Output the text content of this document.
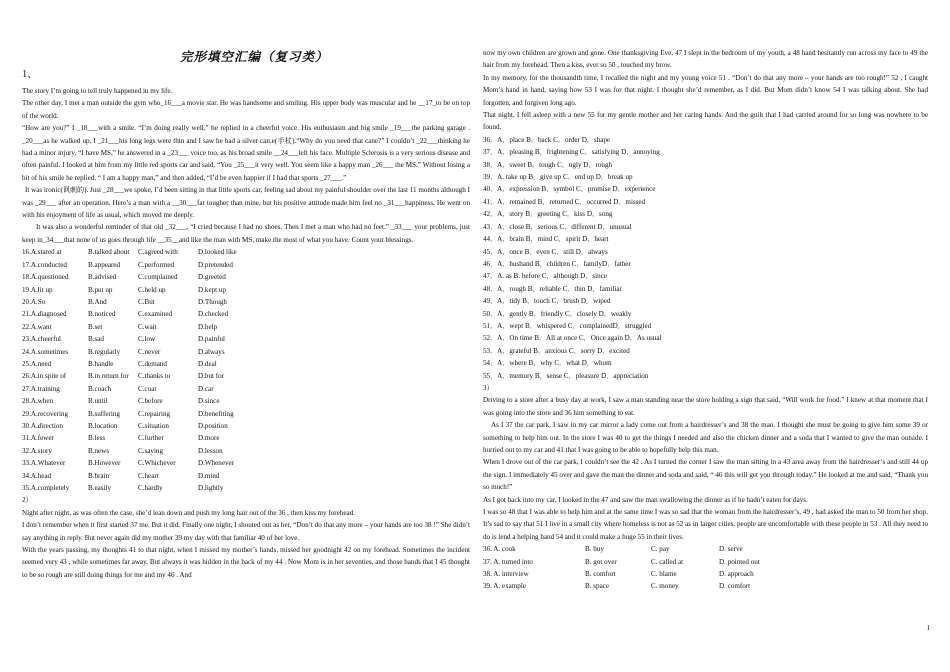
完形填空汇编（复习类）
1、

The story I’m going to tell truly happened in my life.

The other day, I met a man outside the gym who_16___a movie star. He was handsome and smiling. His upper body was muscular and he __17_to be on top of the world.

“How are you?” I _18___with a smile. “I’m doing really well,” he replied in a cheerful voice. His enthusiasm and big smile _19___the parking garage . _20___as he walked up, I _21___his long legs were thin and I saw he had a silver can.e(手杖).“Why do you need that cane?” I couldn’t _22___thinking he had a minor injury. “I have MS,” he answered in a _23___ voice too, as his broad smile __24___left his face. Multiple Sclerosis is a very serious disease and often painful. I looked at him from my little red sports car and said, “You _25___it very well. You seem like a happy man _26___ the MS.” Without losing a bit of his smile he replied, “ I am a happy man,” and then added, “I’d be even happier if I had that sports _27___.”

It was ironic(讽刺的). Just _28___we spoke, I’d been sitting in that little sports car, feeling sad about my painful shoulder over the last 11 months although I was _29___ after an operation. Here’s a man with a __30___far tougher than mine, but his positive attitude made him feel no _31___happiness. He went on with his enjoyment of life as usual, which moved me deeply.

It was also a wonderful reminder of that old _32___, “I cried because I had no shoes. Then I met a man who had no feet.” _33___ your problems, just keep in_34___that none of us goes through life __35__and like the man with MS, make the most of what you have. Count your blessings.

16.A.stared at	B.talked about	C.agreed with	D.looked like
17.A.conducted	B.appeared	C.performed	D.pretended
18.A.questioned	B.advised	C.complained	D.greeted
19.A.lit up	B.put up	C.held up	D.kept up
20.A.So	B.And	C.But	D.Though
21.A.diagnosed	B.noticed	C.examined	D.checked
22.A.want	B.set	C.wait	D.help
23.A.cheerful	B.sad	C.low	D.painful
24.A.sometimes	B.regularly	C.never	D.always
25.A.need	B.handle	C.demand	D.deal
26.A.in spite of	B.in return for	C.thanks to	D.but for
27.A.training	B.coach	C.coat	D.car
28.A.when	B.until	C.before	D.since
29.A.recovering	B.suffering	C.repairing	D.benefiting
30.A.direction	B.location	C.situation	D.position
31.A.fewer	B.less	C.further	D.more
32.A.story	B.news	C.saying	D.lesson
33.A.Whatever	B.However	C.Whichever	D.Whenever
34.A.head	B.brain	C.heart	D.mind
35.A.completely	B.easily	C.hardly	D.lightly
2）

Night after night, as was often the case, she’d lean down and push my long hair out of the 36 , then kiss my forehead.

I don’t remember when it first started 37 me. But it did. Finally one night, I shouted out as her, “Don’t do that any more – your hands are too 38 !” She didn’t say anything in reply. But never again did my mother 39 my day with that familiar 40 of her love.

With the years passing, my thoughts 41 to that night, when I missed my mother’s hands, missed her goodnight 42 on my forehead. Sometimes the incident seemed very 43 , while sometimes far away. But always it was hidden in the back of my 44 . Now Mom is in her seventies, and those hands that I 45 thought to be so rough are still doing things for me and my 46 . And

now my own children are grown and gone. One thanksgiving Eve, 47 I slept in the bedroom of my youth, a 48 hand hesitantly run across my face to 49 the hair from my forehead. Then a kiss, ever so 50 , touched my brow.

In my memory, for the thousandth time, I recalled the night and my young voice 51 . “Don’t do that any more – your hands are too rough!” 52 , I caught Mom’s hand in hand, saying how 53 I was for that night. I thought she’d remember, as I did. But Mom didn’t know 54 I was talking about. She had forgotten, and forgiven long ago.

That night, I fell asleep with a new 55 for my gentle mother and her caring hands. And the guilt that I had carried around for so long was nowhere to be found.

36．A．place B．back C．order D．shape
37．A．pleasing B．frightening C．satisfying D．annoying
38．A．sweet B．tough C．ugly D．rough
39．A. take up B．give up C．end up D．break up
40．A．expression B．symbol C．promise D．experience
41．A．remained B．returned C．occurred D．missed
42．A．story B．greeting C．kiss D．song
43．A．close B．serious C．different D．unusual
44．A．brain B．mind C．spirit D．heart
45．A．once B．even C．still D．always
46．A．husband B．children C．familyD．father
47．A. as B. before C．although D．since
48．A．rough B．reliable C．thin D．familiar
49．A．tidy B．touch C．brush D．wiped
50．A．gently B．friendly C．closely D．weakly
51．A．wept B．whispered C．complainedD．struggled
52．A．On time B．All at once C．Once again D．As usual
53．A．grateful B．anxious C．sorry D．excited
54．A．where B．why C．what D．whom
55．A．memory B．sense C．pleasure D．appreciation
3）

Driving to a store after a busy day at work, I saw a man standing near the store holding a sign that said, “Will work for food.” I knew at that moment that I was going into the store and 36 him something to eat.

As I 37 the car park, I saw in my car mirror a lady come out from a hairdresser’s and 38 the man. I thought she must be going to give him some 39 or something to help him out. In the store I was 40 to get the things I needed and also the chicken dinner and a soda that I wanted to give the man outside. I hurried out to my car and 41 that I was going to be able to hopefully help this man.

When I drove out of the car park, I couldn’t see the 42 . As I turned the corner I saw the man sitting in a 43 area away from the hairdresser’s and still 44 up the sign. I immediately 45 over and gave the man the dinner and soda and said, “ 46 this will get you through today.” He looked at me and said, “Thank you so much!”

As I got back into my car, I looked in the 47 and saw the man swallowing the dinner as if he hadn’t eaten for days.

I was so 48 that I was able to help him and at the same time I was so sad that the woman from the hairdresser’s, 49 , had asked the man to 50 from her shop. It’s sad to say that 51 I live in a small city where homeless is not as 52 as in larger cities, people are uncomfortable with these people in 53 . All they need to do is lend a helping hand 54 and it could make a huge 55 in their lives.

36. A. cook	B. buy	C. pay	D. serve
37. A. turned into	B. got over	C. called at	D. pointed out
38. A. interview	B. comfort	C. blame	D. approach
39. A. example	B. space	C. money	D. comfort
1
